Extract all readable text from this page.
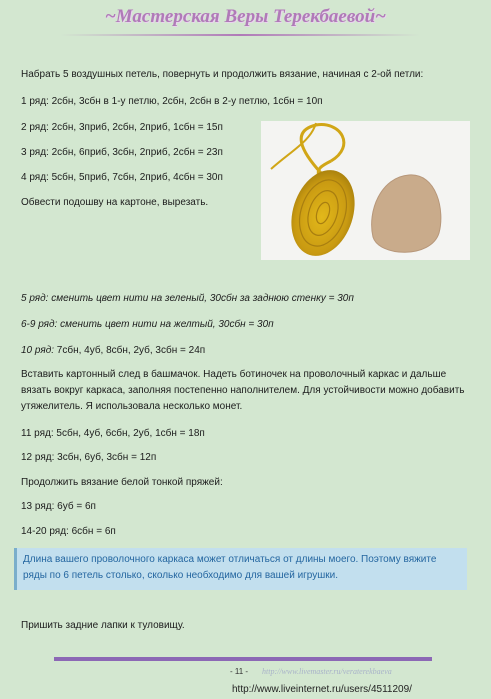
~Мастерская Веры Терекбаевой~
Набрать 5 воздушных петель, повернуть и продолжить вязание, начиная с 2-ой петли:
1 ряд: 2сбн, 3сбн в 1-у петлю, 2сбн, 2сбн в 2-у петлю, 1сбн = 10п
2 ряд: 2сбн, 3приб, 2сбн, 2приб, 1сбн = 15п
3 ряд: 2сбн, 6приб, 3сбн, 2приб, 2сбн = 23п
4 ряд: 5сбн, 5приб, 7сбн, 2приб, 4сбн = 30п
Обвести подошву на картоне, вырезать.
5 ряд: сменить цвет нити на зеленый, 30сбн за заднюю стенку = 30п
6-9 ряд: сменить цвет нити на желтый, 30сбн = 30п
10 ряд: 7сбн, 4уб, 8сбн, 2уб, 3сбн = 24п
Вставить картонный след в башмачок. Надеть ботиночек на проволочный каркас и дальше вязать вокруг каркаса, заполняя постепенно наполнителем. Для устойчивости можно добавить утяжелитель. Я использовала несколько монет.
11 ряд: 5сбн, 4уб, 6сбн, 2уб, 1сбн = 18п
12 ряд: 3сбн, 6уб, 3сбн = 12п
Продолжить вязание белой тонкой пряжей:
13 ряд: 6уб = 6п
14-20 ряд: 6сбн = 6п
Длина вашего проволочного каркаса может отличаться от длины моего. Поэтому вяжите ряды по 6 петель столько, сколько необходимо для вашей игрушки.
Пришить задние лапки к туловищу.
- 11 - http://www.livemaster.ru/veraterekbaeva
http://www.liveinternet.ru/users/4511209/
